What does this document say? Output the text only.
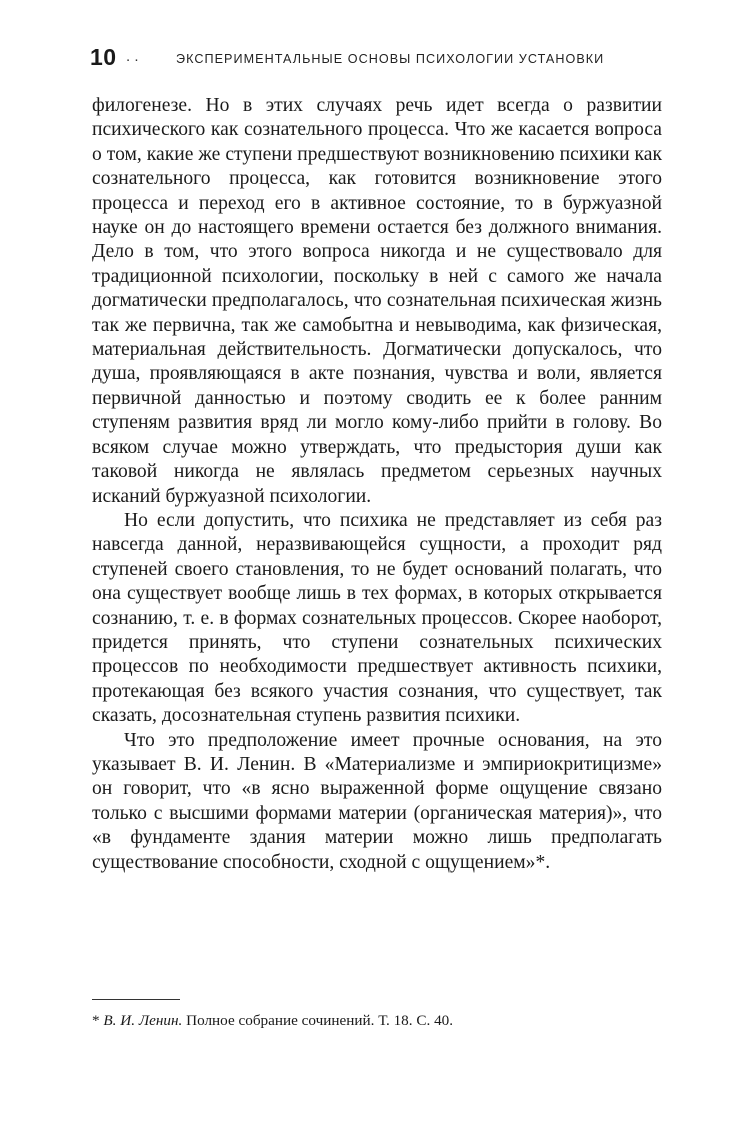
10 . .	ЭКСПЕРИМЕНТАЛЬНЫЕ ОСНОВЫ ПСИХОЛОГИИ УСТАНОВКИ

филогенезе. Но в этих случаях речь идет всегда о развитии психического как сознательного процесса. Что же касается вопроса о том, какие же ступени предшествуют возникновению психики как сознательного процесса, как готовится возникновение этого процесса и переход его в активное состояние, то в буржуазной науке он до настоящего времени остается без должного внимания. Дело в том, что этого вопроса никогда и не существовало для традиционной психологии, поскольку в ней с самого же начала догматически предполагалось, что сознательная психическая жизнь так же первична, так же самобытна и невыводима, как физическая, материальная действительность. Догматически допускалось, что душа, проявляющаяся в акте познания, чувства и воли, является первичной данностью и поэтому сводить ее к более ранним ступеням развития вряд ли могло кому-либо прийти в голову. Во всяком случае можно утверждать, что предыстория души как таковой никогда не являлась предметом серьезных научных исканий буржуазной психологии.

Но если допустить, что психика не представляет из себя раз навсегда данной, неразвивающейся сущности, а проходит ряд ступеней своего становления, то не будет оснований полагать, что она существует вообще лишь в тех формах, в которых открывается сознанию, т. е. в формах сознательных процессов. Скорее наоборот, придется принять, что ступени сознательных психических процессов по необходимости предшествует активность психики, протекающая без всякого участия сознания, что существует, так сказать, досознательная ступень развития психики.

Что это предположение имеет прочные основания, на это указывает В. И. Ленин. В «Материализме и эмпириокритицизме» он говорит, что «в ясно выраженной форме ощущение связано только с высшими формами материи (органическая материя)», что «в фундаменте здания материи можно лишь предполагать существование способности, сходной с ощущением»*.

* В. И. Ленин. Полное собрание сочинений. Т. 18. С. 40.
